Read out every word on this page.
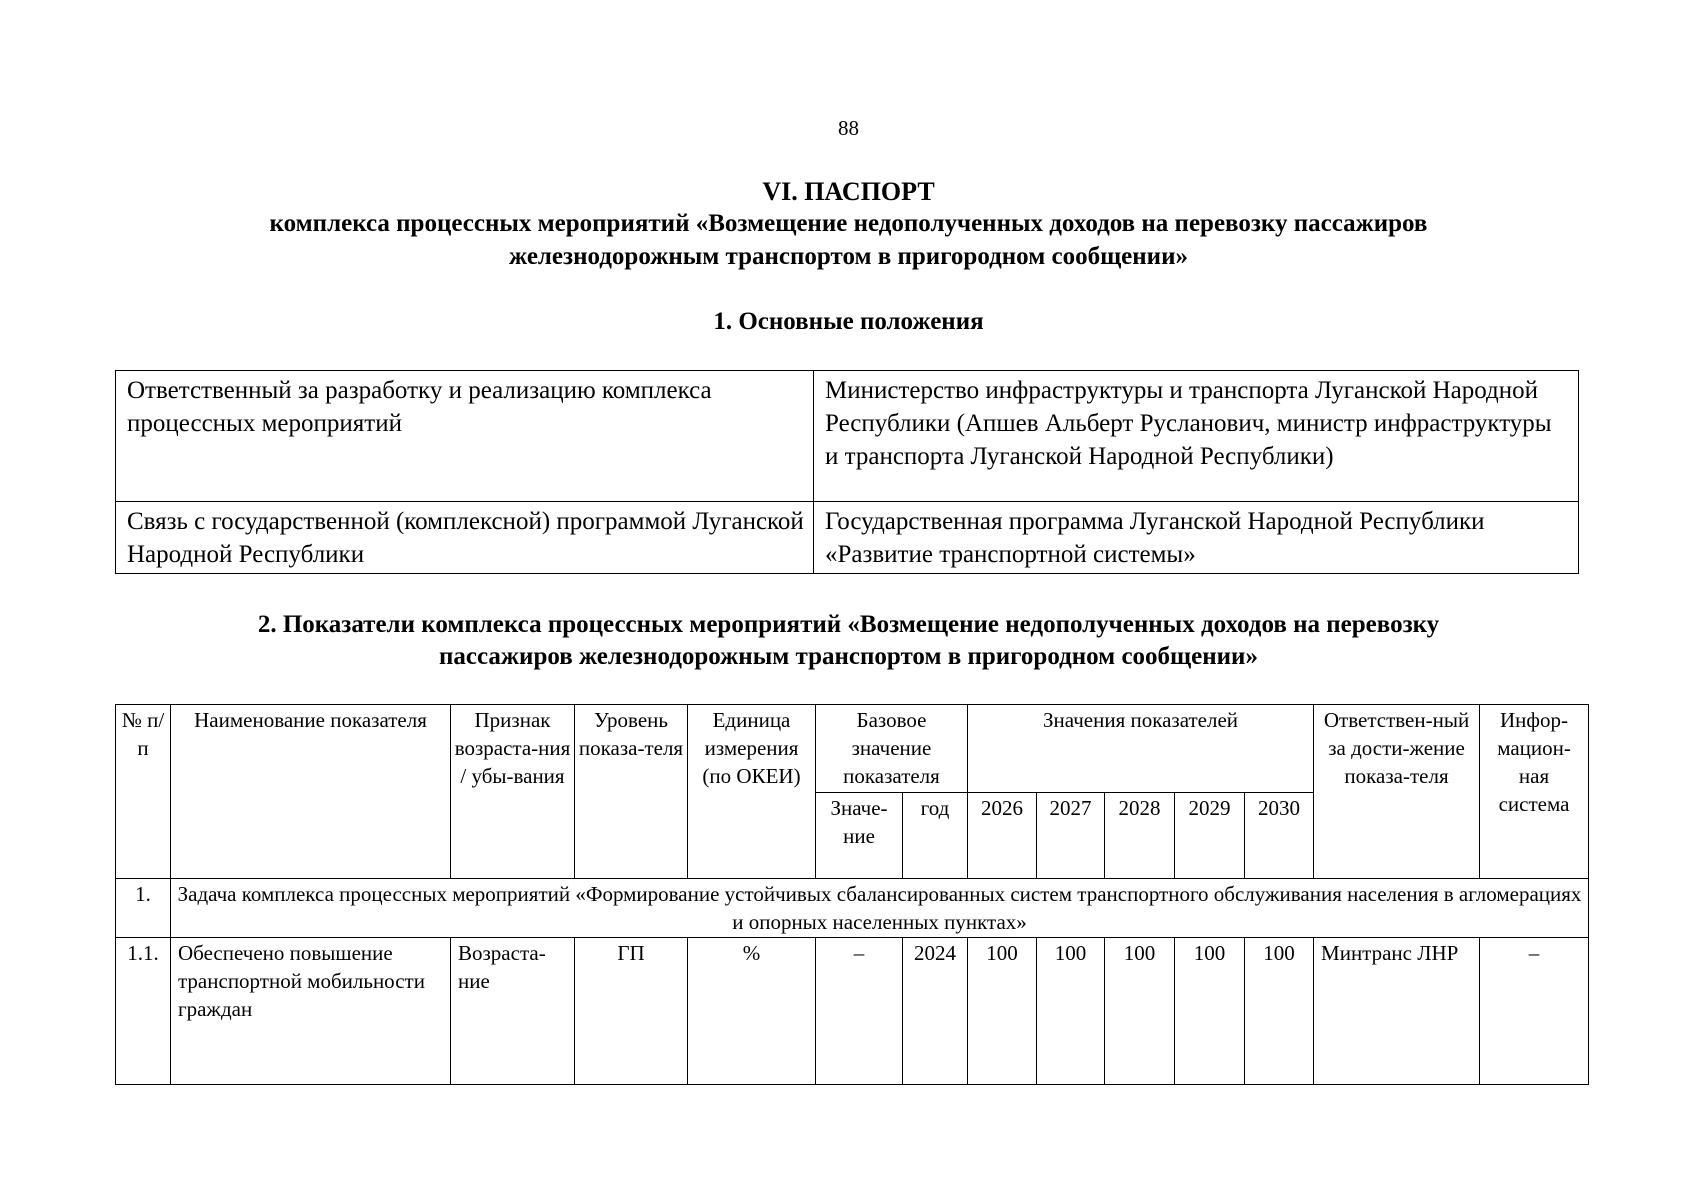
88
VI. ПАСПОРТ
комплекса процессных мероприятий «Возмещение недополученных доходов на перевозку пассажиров
железнодорожным транспортом в пригородном сообщении»
1. Основные положения
Ответственный за разработку и реализацию комплекса процессных мероприятий	Министерство инфраструктуры и транспорта Луганской Народной Республики (Апшев Альберт Русланович, министр инфраструктуры и транспорта Луганской Народной Республики)
Связь с государственной (комплексной) программой Луганской Народной Республики	Государственная программа Луганской Народной Республики «Развитие транспортной системы»
2. Показатели комплекса процессных мероприятий «Возмещение недополученных доходов на перевозку
пассажиров железнодорожным транспортом в пригородном сообщении»
№ п/п	Наименование показателя	Признак возраста-ния / убы-вания	Уровень показа-теля	Единица измерения (по ОКЕИ)	Базовое значение показателя		Значения показателей					Ответствен-ный за дости-жение показа-теля	Инфор-мацион-ная система
					Значе-ние	год	2026	2027	2028	2029	2030		
1.	Задача комплекса процессных мероприятий «Формирование устойчивых сбалансированных систем транспортного обслуживания населения в агломерациях и опорных населенных пунктах»												
1.1.	Обеспечено повышение транспортной мобильности граждан	Возраста-ние	ГП	%	–	2024	100	100	100	100	100	Минтранс ЛНР	–
